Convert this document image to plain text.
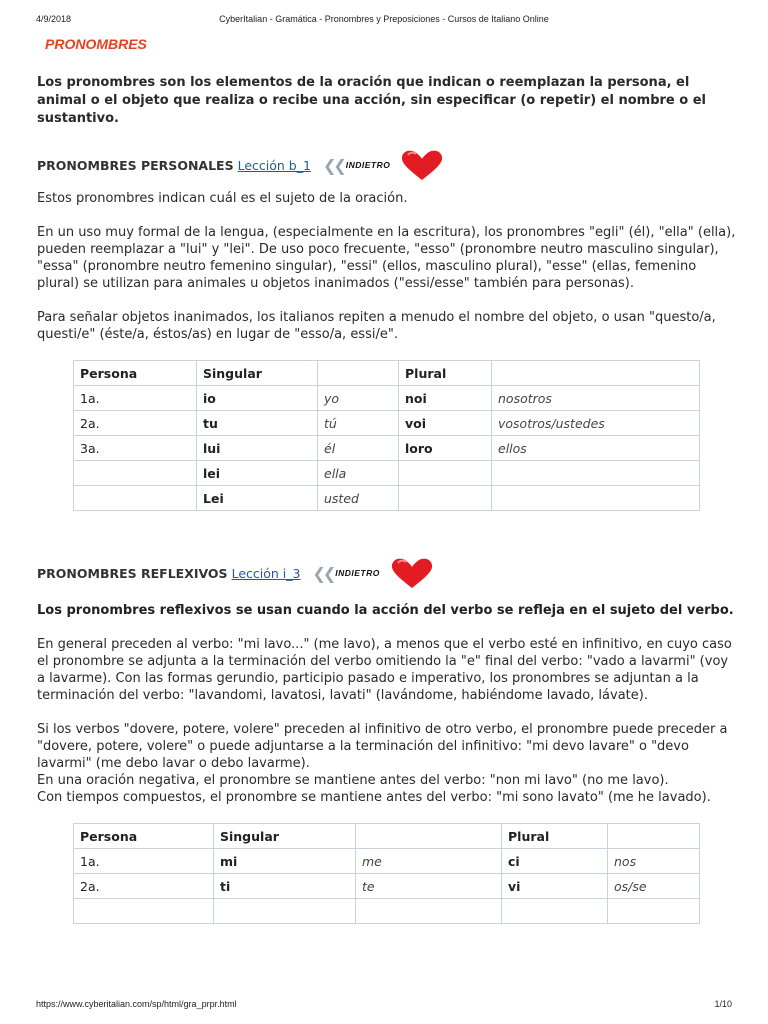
4/9/2018	CyberItalian - Gramática - Pronombres y Preposiciones - Cursos de Italiano Online
PRONOMBRES

Los pronombres son los elementos de la oración que indican o reemplazan la persona, el animal o el objeto que realiza o recibe una acción, sin especificar (o repetir) el nombre o el sustantivo.

PRONOMBRES PERSONALES Lección b_1 ❮❮ INDIETRO

Estos pronombres indican cuál es el sujeto de la oración.

En un uso muy formal de la lengua, (especialmente en la escritura), los pronombres "egli" (él), "ella" (ella), pueden reemplazar a "lui" y "lei". De uso poco frecuente, "esso" (pronombre neutro masculino singular), "essa" (pronombre neutro femenino singular), "essi" (ellos, masculino plural), "esse" (ellas, femenino plural) se utilizan para animales u objetos inanimados ("essi/esse" también para personas).

Para señalar objetos inanimados, los italianos repiten a menudo el nombre del objeto, o usan "questo/a, questi/e" (éste/a, éstos/as) en lugar de "esso/a, essi/e".

Persona	Singular		Plural	
1a.	io	yo	noi	nosotros
2a.	tu	tú	voi	vosotros/ustedes
3a.	lui	él	loro	ellos
	lei	ella		
	Lei	usted		
PRONOMBRES REFLEXIVOS Lección i_3 ❮❮ INDIETRO

Los pronombres reflexivos se usan cuando la acción del verbo se refleja en el sujeto del verbo.

En general preceden al verbo: "mi lavo..." (me lavo), a menos que el verbo esté en infinitivo, en cuyo caso el pronombre se adjunta a la terminación del verbo omitiendo la "e" final del verbo: "vado a lavarmi" (voy a lavarme). Con las formas gerundio, participio pasado e imperativo, los pronombres se adjuntan a la terminación del verbo: "lavandomi, lavatosi, lavati" (lavándome, habiéndome lavado, lávate).

Si los verbos "dovere, potere, volere" preceden al infinitivo de otro verbo, el pronombre puede preceder a "dovere, potere, volere" o puede adjuntarse a la terminación del infinitivo: "mi devo lavare" o "devo lavarmi" (me debo lavar o debo lavarme).

En una oración negativa, el pronombre se mantiene antes del verbo: "non mi lavo" (no me lavo).

Con tiempos compuestos, el pronombre se mantiene antes del verbo: "mi sono lavato" (me he lavado).

Persona	Singular		Plural	
1a.	mi	me	ci	nos
2a.	ti	te	vi	os/se

https://www.cyberitalian.com/sp/html/gra_prpr.html	1/10
